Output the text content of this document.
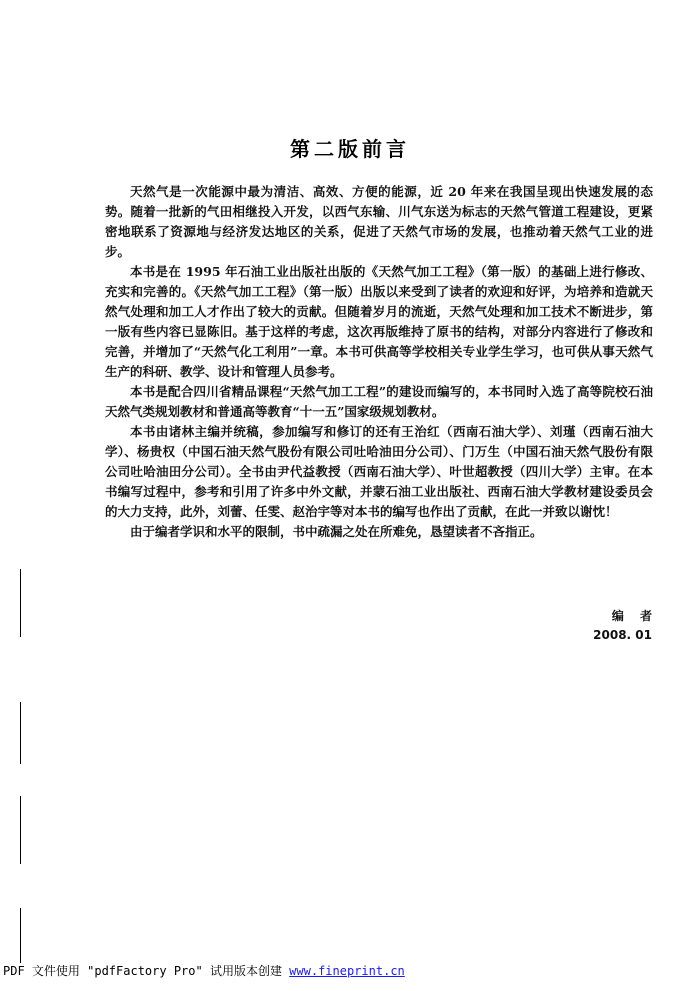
第二版前言

天然气是一次能源中最为清洁、高效、方便的能源，近 20 年来在我国呈现出快速发展的态势。随着一批新的气田相继投入开发，以西气东输、川气东送为标志的天然气管道工程建设，更紧密地联系了资源地与经济发达地区的关系，促进了天然气市场的发展，也推动着天然气工业的进步。

本书是在 1995 年石油工业出版社出版的《天然气加工工程》（第一版）的基础上进行修改、充实和完善的。《天然气加工工程》（第一版）出版以来受到了读者的欢迎和好评，为培养和造就天然气处理和加工人才作出了较大的贡献。但随着岁月的流逝，天然气处理和加工技术不断进步，第一版有些内容已显陈旧。基于这样的考虑，这次再版维持了原书的结构，对部分内容进行了修改和完善，并增加了“天然气化工利用”一章。本书可供高等学校相关专业学生学习，也可供从事天然气生产的科研、教学、设计和管理人员参考。

本书是配合四川省精品课程“天然气加工工程”的建设而编写的，本书同时入选了高等院校石油天然气类规划教材和普通高等教育“十一五”国家级规划教材。

本书由诸林主编并统稿，参加编写和修订的还有王治红（西南石油大学）、刘瑾（西南石油大学）、杨贵权（中国石油天然气股份有限公司吐哈油田分公司）、门万生（中国石油天然气股份有限公司吐哈油田分公司）。全书由尹代益教授（西南石油大学）、叶世超教授（四川大学）主审。在本书编写过程中，参考和引用了许多中外文献，并蒙石油工业出版社、西南石油大学教材建设委员会的大力支持，此外，刘蕾、任雯、赵治宇等对本书的编写也作出了贡献，在此一并致以谢忱！

由于编者学识和水平的限制，书中疏漏之处在所难免，恳望读者不吝指正。

编 者
2008. 01
PDF 文件使用 "pdfFactory Pro" 试用版本创建 www.fineprint.cn
